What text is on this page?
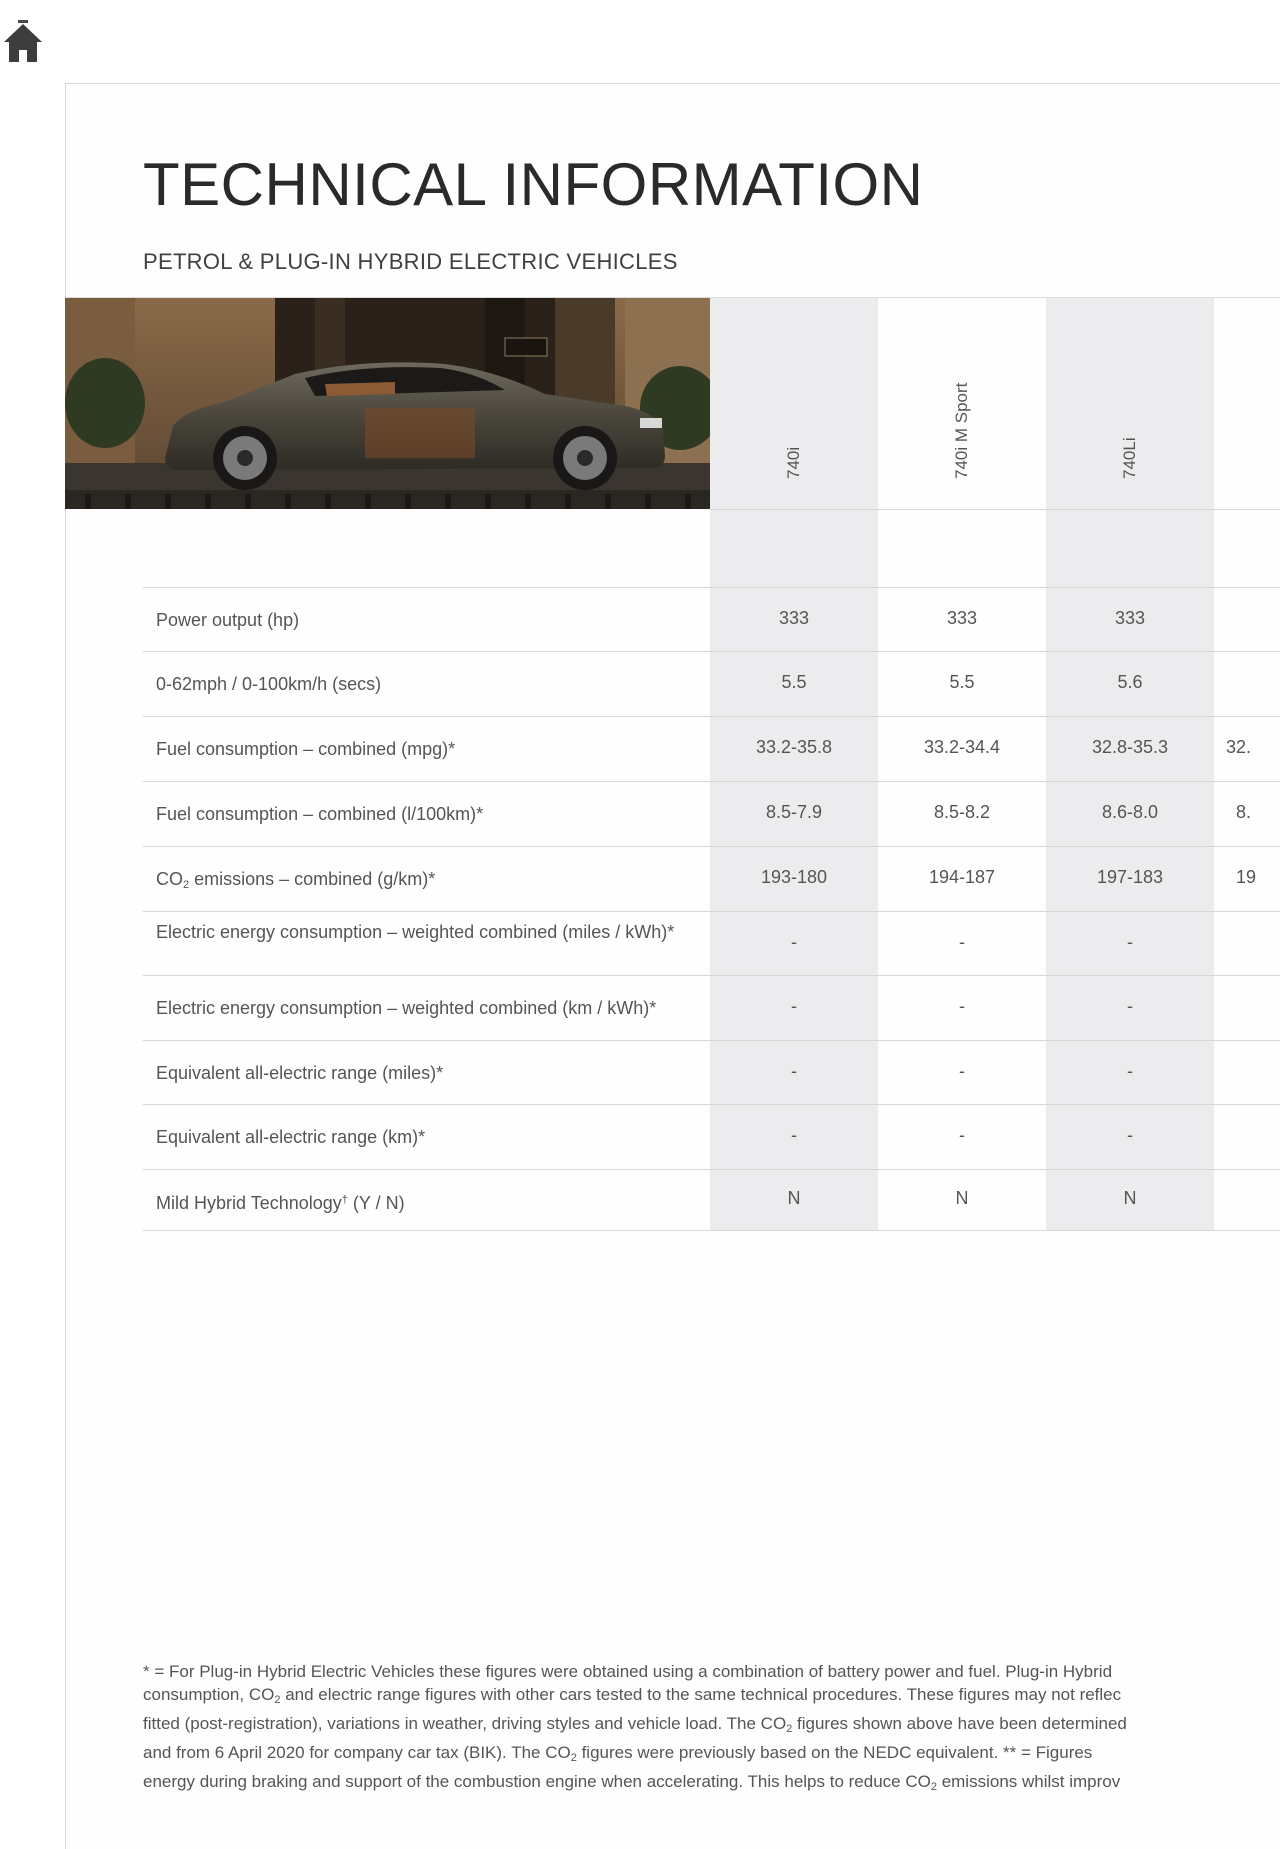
TECHNICAL INFORMATION
PETROL & PLUG-IN HYBRID ELECTRIC VEHICLES
740i	740i M Sport	740Li
Power output (hp)	333	333	333
0-62mph / 0-100km/h (secs)	5.5	5.5	5.6
Fuel consumption – combined (mpg)*	33.2-35.8	33.2-34.4	32.8-35.3	32.
Fuel consumption – combined (l/100km)*	8.5-7.9	8.5-8.2	8.6-8.0	8.
$CO_2$ emissions – combined (g/km)*	193-180	194-187	197-183	19
Electric energy consumption – weighted combined (miles / kWh)*	-	-	-
Electric energy consumption – weighted combined (km / kWh)*	-	-	-
Equivalent all-electric range (miles)*	-	-	-
Equivalent all-electric range (km)*	-	-	-
Mild Hybrid Technology† (Y / N)	N	N	N
* = For Plug-in Hybrid Electric Vehicles these figures were obtained using a combination of battery power and fuel. Plug-in Hybrid
consumption, $CO_2$ and electric range figures with other cars tested to the same technical procedures. These figures may not reflec
fitted (post-registration), variations in weather, driving styles and vehicle load. The $CO_2$ figures shown above have been determined
and from 6 April 2020 for company car tax (BIK). The $CO_2$ figures were previously based on the NEDC equivalent. ** = Figures
energy during braking and support of the combustion engine when accelerating. This helps to reduce $CO_2$ emissions whilst improv
